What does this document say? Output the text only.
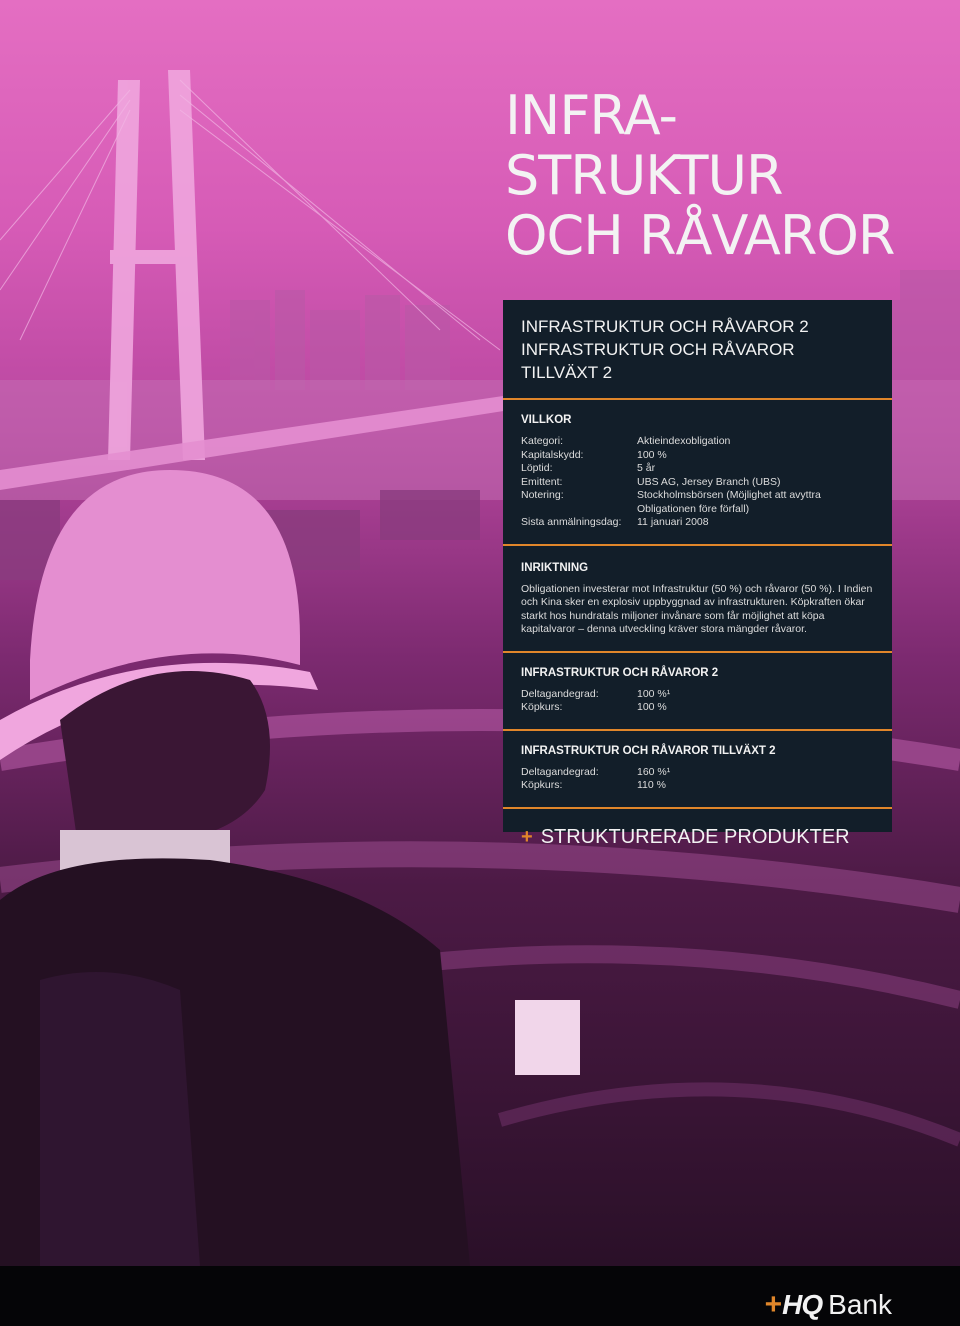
INFRA-
STRUKTUR
OCH RÅVAROR
INFRASTRUKTUR OCH RÅVAROR 2
INFRASTRUKTUR OCH RÅVAROR TILLVÄXT 2
VILLKOR
Kategori:	Aktieindexobligation
Kapitalskydd:	100 %
Löptid:	5 år
Emittent:	UBS AG, Jersey Branch (UBS)
Notering:	Stockholmsbörsen (Möjlighet att avyttra Obligationen före förfall)
Sista anmälningsdag:	11 januari 2008
INRIKTNING
Obligationen investerar mot Infrastruktur (50 %) och råvaror (50 %). I Indien och Kina sker en explosiv uppbyggnad av infrastrukturen. Köpkraften ökar starkt hos hundratals miljoner invånare som får möjlighet att köpa kapitalvaror – denna utveckling kräver stora mängder råvaror.
INFRASTRUKTUR OCH RÅVAROR 2
Deltagandegrad:	100 %¹
Köpkurs:	100 %
INFRASTRUKTUR OCH RÅVAROR TILLVÄXT 2
Deltagandegrad:	160 %¹
Köpkurs:	110 %
+ STRUKTURERADE PRODUKTER
+ HQ Bank
